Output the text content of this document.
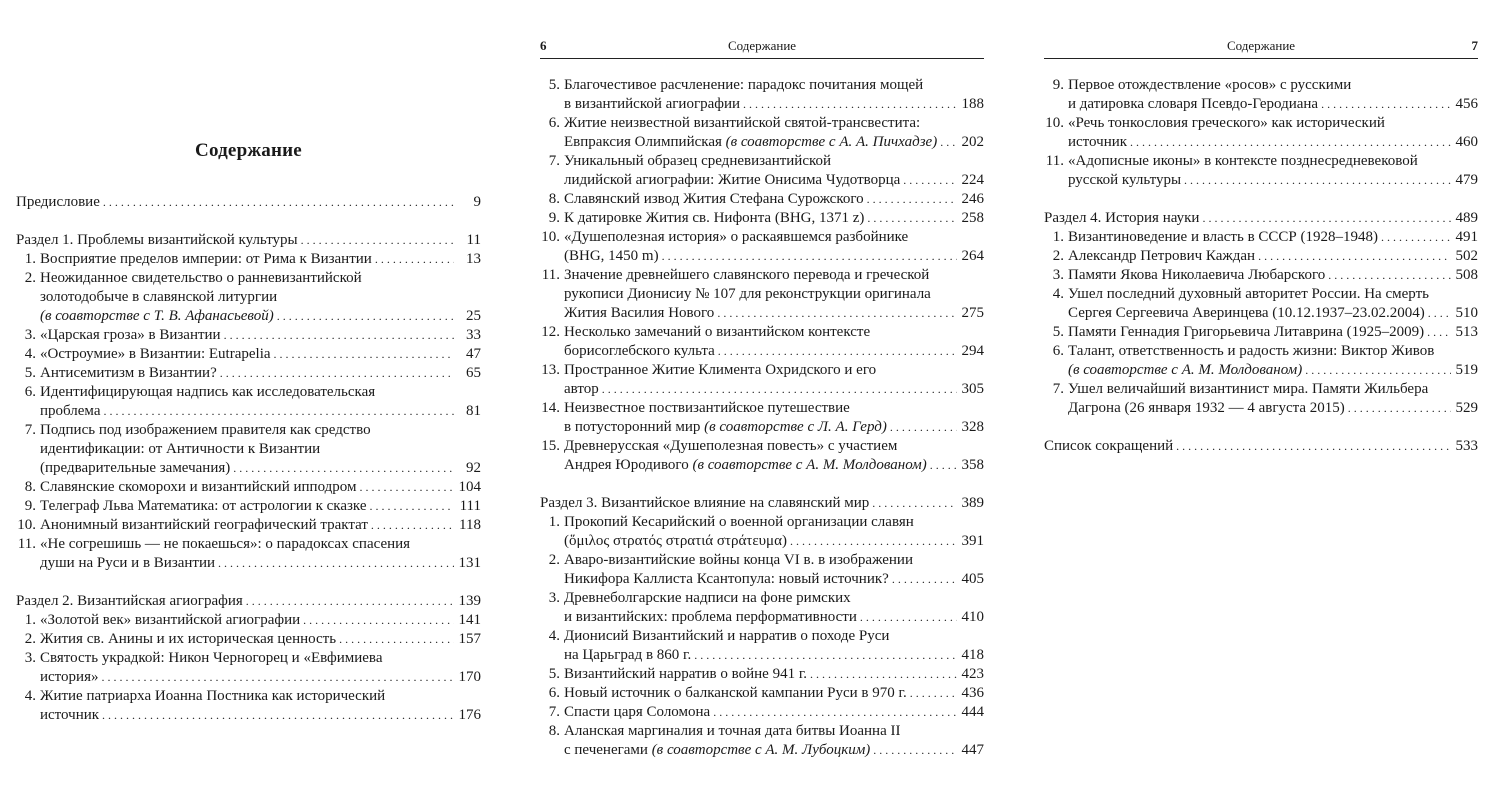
Содержание
Предисловие . . .	9
Раздел 1. Проблемы византийской культуры . . .	11
1. Восприятие пределов империи: от Рима к Византии . . .	13
2. Неожиданное свидетельство о ранневизантийской
золотодобыче в славянской литургии
(в соавторстве с Т. В. Афанасьевой) . . .	25
3. «Царская гроза» в Византии . . .	33
4. «Остроумие» в Византии: Eutrapelia . . .	47
5. Антисемитизм в Византии? . . .	65
6. Идентифицирующая надпись как исследовательская
проблема . . .	81
7. Подпись под изображением правителя как средство
идентификации: от Античности к Византии
(предварительные замечания) . . .	92
8. Славянские скоморохи и византийский ипподром . . .	104
9. Телеграф Льва Математика: от астрологии к сказке . . .	111
10. Анонимный византийский географический трактат . . .	118
11. «Не согрешишь — не покаешься»: о парадоксах спасения
души на Руси и в Византии . . .	131
Раздел 2. Византийская агиография . . .	139
1. «Золотой век» византийской агиографии . . .	141
2. Жития св. Анины и их историческая ценность . . .	157
3. Святость украдкой: Никон Черногорец и «Евфимиева
история» . . .	170
4. Житие патриарха Иоанна Постника как исторический
источник . . .	176
6	Содержание
5. Благочестивое расчленение: парадокс почитания мощей
в византийской агиографии . . .	188
6. Житие неизвестной византийской святой-трансвестита:
Евпраксия Олимпийская (в соавторстве с А. А. Пичхадзе) . . . 202
7. Уникальный образец средневизантийской
лидийской агиографии: Житие Онисима Чудотворца . . .	224
8. Славянский извод Жития Стефана Сурожского . . .	246
9. К датировке Жития св. Нифонта (BHG, 1371 z) . . .	258
10. «Душеполезная история» о раскаявшемся разбойнике
(BHG, 1450 m) . . .	264
11. Значение древнейшего славянского перевода и греческой
рукописи Дионисиу № 107 для реконструкции оригинала
Жития Василия Нового . . .	275
12. Несколько замечаний о византийском контексте
борисоглебского культа . . .	294
13. Пространное Житие Климента Охридского и его
автор . . .	305
14. Неизвестное поствизантийское путешествие
в потусторонний мир (в соавторстве с Л. А. Герд) . . .	328
15. Древнерусская «Душеполезная повесть» с участием
Андрея Юродивого (в соавторстве с А. М. Молдованом) . . . 358
Раздел 3. Византийское влияние на славянский мир . . .	389
1. Прокопий Кесарийский о военной организации славян
(ὅμιλος στρατός στρατιά στράτευμα) . . .	391
2. Аваро-византийские войны конца VI в. в изображении
Никифора Каллиста Ксантопула: новый источник? . . .	405
3. Древнеболгарские надписи на фоне римских
и византийских: проблема перформативности . . .	410
4. Дионисий Византийский и нарратив о походе Руси
на Царьград в 860 г. . . .	418
5. Византийский нарратив о войне 941 г. . . .	423
6. Новый источник о балканской кампании Руси в 970 г. . . .	436
7. Спасти царя Соломона . . .	444
8. Аланская маргиналия и точная дата битвы Иоанна II
с печенегами (в соавторстве с А. М. Лубоцким) . . .	447
Содержание	7
9. Первое отождествление «росов» с русскими
и датировка словаря Псевдо-Геродиана . . .	456
10. «Речь тонкословия греческого» как исторический
источник . . .	460
11. «Адописные иконы» в контексте позднесредневековой
русской культуры . . .	479
Раздел 4. История науки . . .	489
1. Византиноведение и власть в СССР (1928–1948) . . .	491
2. Александр Петрович Каждан . . .	502
3. Памяти Якова Николаевича Любарского . . .	508
4. Ушел последний духовный авторитет России. На смерть
Сергея Сергеевича Аверинцева (10.12.1937–23.02.2004) . . . 510
5. Памяти Геннадия Григорьевича Литаврина (1925–2009) . . . 513
6. Талант, ответственность и радость жизни: Виктор Живов
(в соавторстве с А. М. Молдованом) . . .	519
7. Ушел величайший византинист мира. Памяти Жильбера
Дагрона (26 января 1932 — 4 августа 2015) . . .	529
Список сокращений . . .	533
